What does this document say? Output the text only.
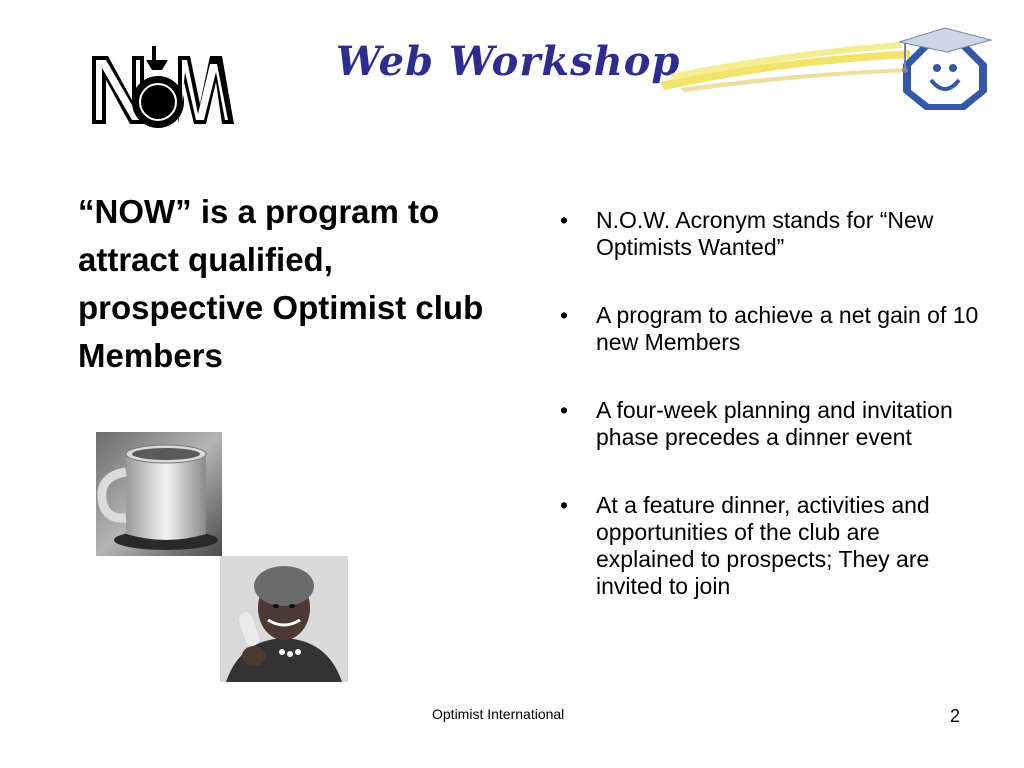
Web Workshop
“NOW” is a program to attract qualified, prospective Optimist club Members
• N.O.W. Acronym stands for “New Optimists Wanted”
• A program to achieve a net gain of 10 new Members
• A four-week planning and invitation phase precedes a dinner event
• At a feature dinner, activities and opportunities of the club are explained to prospects; They are invited to join
Optimist International	2
